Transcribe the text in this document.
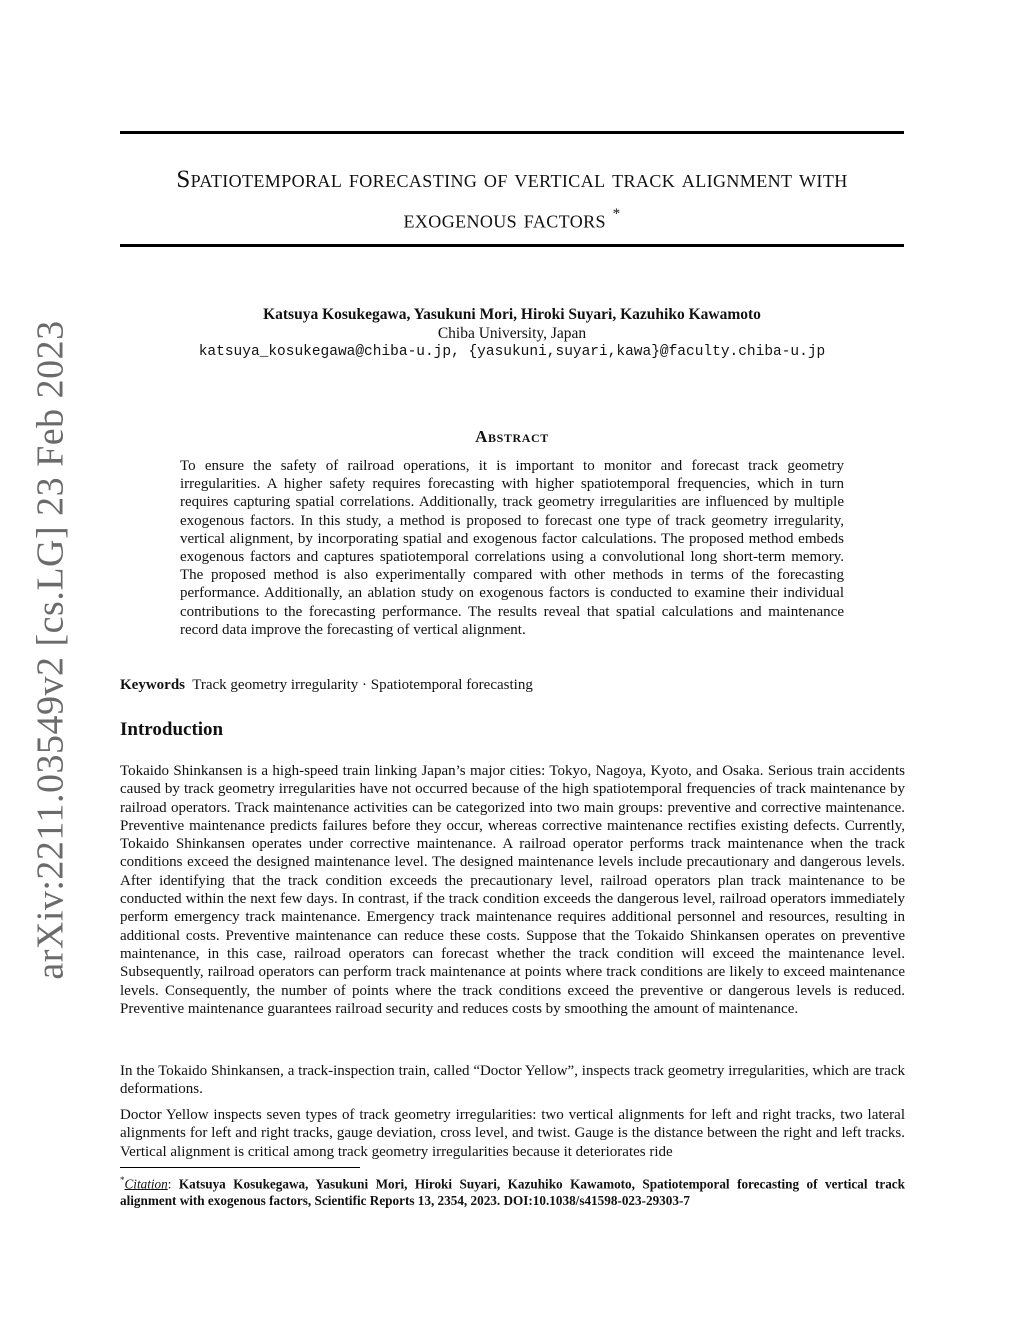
arXiv:2211.03549v2 [cs.LG] 23 Feb 2023
Spatiotemporal forecasting of vertical track alignment with exogenous factors *
Katsuya Kosukegawa, Yasukuni Mori, Hiroki Suyari, Kazuhiko Kawamoto
Chiba University, Japan
katsuya_kosukegawa@chiba-u.jp, {yasukuni,suyari,kawa}@faculty.chiba-u.jp
Abstract

To ensure the safety of railroad operations, it is important to monitor and forecast track geometry irregularities. A higher safety requires forecasting with higher spatiotemporal frequencies, which in turn requires capturing spatial correlations. Additionally, track geometry irregularities are influenced by multiple exogenous factors. In this study, a method is proposed to forecast one type of track geometry irregularity, vertical alignment, by incorporating spatial and exogenous factor calculations. The proposed method embeds exogenous factors and captures spatiotemporal correlations using a convolutional long short-term memory. The proposed method is also experimentally compared with other methods in terms of the forecasting performance. Additionally, an ablation study on exogenous factors is conducted to examine their individual contributions to the forecasting performance. The results reveal that spatial calculations and maintenance record data improve the forecasting of vertical alignment.

Keywords Track geometry irregularity · Spatiotemporal forecasting
Introduction

Tokaido Shinkansen is a high-speed train linking Japan’s major cities: Tokyo, Nagoya, Kyoto, and Osaka. Serious train accidents caused by track geometry irregularities have not occurred because of the high spatiotemporal frequencies of track maintenance by railroad operators. Track maintenance activities can be categorized into two main groups: preventive and corrective maintenance. Preventive maintenance predicts failures before they occur, whereas corrective maintenance rectifies existing defects. Currently, Tokaido Shinkansen operates under corrective maintenance. A railroad operator performs track maintenance when the track conditions exceed the designed maintenance level. The designed maintenance levels include precautionary and dangerous levels. After identifying that the track condition exceeds the precautionary level, railroad operators plan track maintenance to be conducted within the next few days. In contrast, if the track condition exceeds the dangerous level, railroad operators immediately perform emergency track maintenance. Emergency track maintenance requires additional personnel and resources, resulting in additional costs. Preventive maintenance can reduce these costs. Suppose that the Tokaido Shinkansen operates on preventive maintenance, in this case, railroad operators can forecast whether the track condition will exceed the maintenance level. Subsequently, railroad operators can perform track maintenance at points where track conditions are likely to exceed maintenance levels. Consequently, the number of points where the track conditions exceed the preventive or dangerous levels is reduced. Preventive maintenance guarantees railroad security and reduces costs by smoothing the amount of maintenance.

In the Tokaido Shinkansen, a track-inspection train, called “Doctor Yellow”, inspects track geometry irregularities, which are track deformations.

Doctor Yellow inspects seven types of track geometry irregularities: two vertical alignments for left and right tracks, two lateral alignments for left and right tracks, gauge deviation, cross level, and twist. Gauge is the distance between the right and left tracks. Vertical alignment is critical among track geometry irregularities because it deteriorates ride

*Citation: Katsuya Kosukegawa, Yasukuni Mori, Hiroki Suyari, Kazuhiko Kawamoto, Spatiotemporal forecasting of vertical track alignment with exogenous factors, Scientific Reports 13, 2354, 2023. DOI:10.1038/s41598-023-29303-7
